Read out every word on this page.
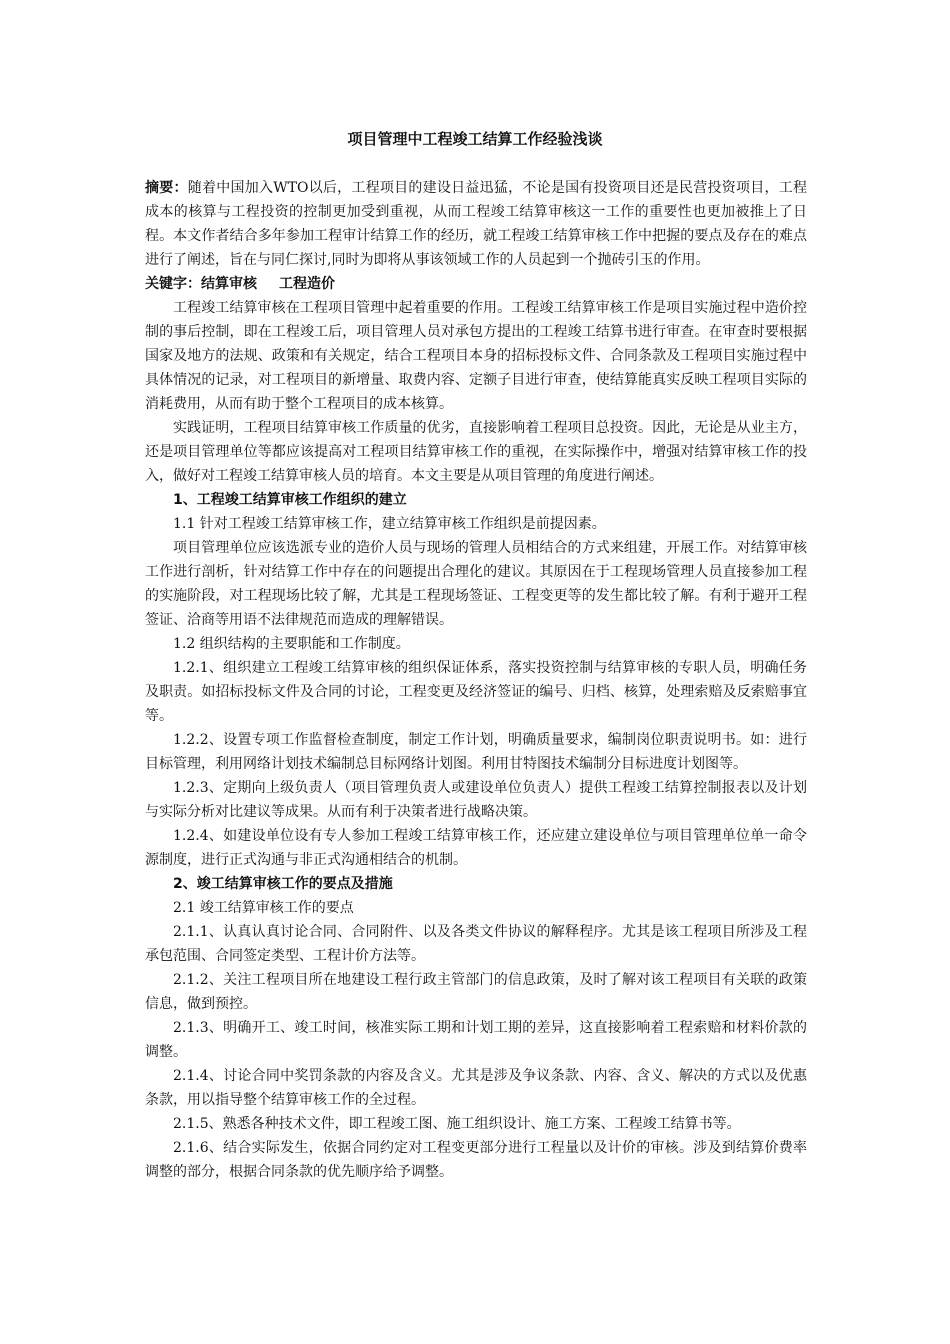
项目管理中工程竣工结算工作经验浅谈

摘要：随着中国加入WTO以后，工程项目的建设日益迅猛，不论是国有投资项目还是民营投资项目，工程成本的核算与工程投资的控制更加受到重视，从而工程竣工结算审核这一工作的重要性也更加被推上了日程。本文作者结合多年参加工程审计结算工作的经历，就工程竣工结算审核工作中把握的要点及存在的难点进行了阐述，旨在与同仁探讨,同时为即将从事该领域工作的人员起到一个抛砖引玉的作用。

关键字：结算审核 工程造价

工程竣工结算审核在工程项目管理中起着重要的作用。工程竣工结算审核工作是项目实施过程中造价控制的事后控制，即在工程竣工后，项目管理人员对承包方提出的工程竣工结算书进行审查。在审查时要根据国家及地方的法规、政策和有关规定，结合工程项目本身的招标投标文件、合同条款及工程项目实施过程中具体情况的记录，对工程项目的新增量、取费内容、定额子目进行审查，使结算能真实反映工程项目实际的消耗费用，从而有助于整个工程项目的成本核算。

实践证明，工程项目结算审核工作质量的优劣，直接影响着工程项目总投资。因此，无论是从业主方，还是项目管理单位等都应该提高对工程项目结算审核工作的重视，在实际操作中，增强对结算审核工作的投入，做好对工程竣工结算审核人员的培育。本文主要是从项目管理的角度进行阐述。

1、工程竣工结算审核工作组织的建立

1.1 针对工程竣工结算审核工作，建立结算审核工作组织是前提因素。

项目管理单位应该选派专业的造价人员与现场的管理人员相结合的方式来组建，开展工作。对结算审核工作进行剖析，针对结算工作中存在的问题提出合理化的建议。其原因在于工程现场管理人员直接参加工程的实施阶段，对工程现场比较了解，尤其是工程现场签证、工程变更等的发生都比较了解。有利于避开工程签证、洽商等用语不法律规范而造成的理解错误。

1.2 组织结构的主要职能和工作制度。

1.2.1、组织建立工程竣工结算审核的组织保证体系，落实投资控制与结算审核的专职人员，明确任务及职责。如招标投标文件及合同的讨论，工程变更及经济签证的编号、归档、核算，处理索赔及反索赔事宜等。

1.2.2、设置专项工作监督检查制度，制定工作计划，明确质量要求，编制岗位职责说明书。如：进行目标管理，利用网络计划技术编制总目标网络计划图。利用甘特图技术编制分目标进度计划图等。

1.2.3、定期向上级负责人（项目管理负责人或建设单位负责人）提供工程竣工结算控制报表以及计划与实际分析对比建议等成果。从而有利于决策者进行战略决策。

1.2.4、如建设单位设有专人参加工程竣工结算审核工作，还应建立建设单位与项目管理单位单一命令源制度，进行正式沟通与非正式沟通相结合的机制。

2、竣工结算审核工作的要点及措施

2.1 竣工结算审核工作的要点

2.1.1、认真认真讨论合同、合同附件、以及各类文件协议的解释程序。尤其是该工程项目所涉及工程承包范围、合同签定类型、工程计价方法等。

2.1.2、关注工程项目所在地建设工程行政主管部门的信息政策，及时了解对该工程项目有关联的政策信息，做到预控。

2.1.3、明确开工、竣工时间，核准实际工期和计划工期的差异，这直接影响着工程索赔和材料价款的调整。

2.1.4、讨论合同中奖罚条款的内容及含义。尤其是涉及争议条款、内容、含义、解决的方式以及优惠条款，用以指导整个结算审核工作的全过程。

2.1.5、熟悉各种技术文件，即工程竣工图、施工组织设计、施工方案、工程竣工结算书等。

2.1.6、结合实际发生，依据合同约定对工程变更部分进行工程量以及计价的审核。涉及到结算价费率调整的部分，根据合同条款的优先顺序给予调整。
